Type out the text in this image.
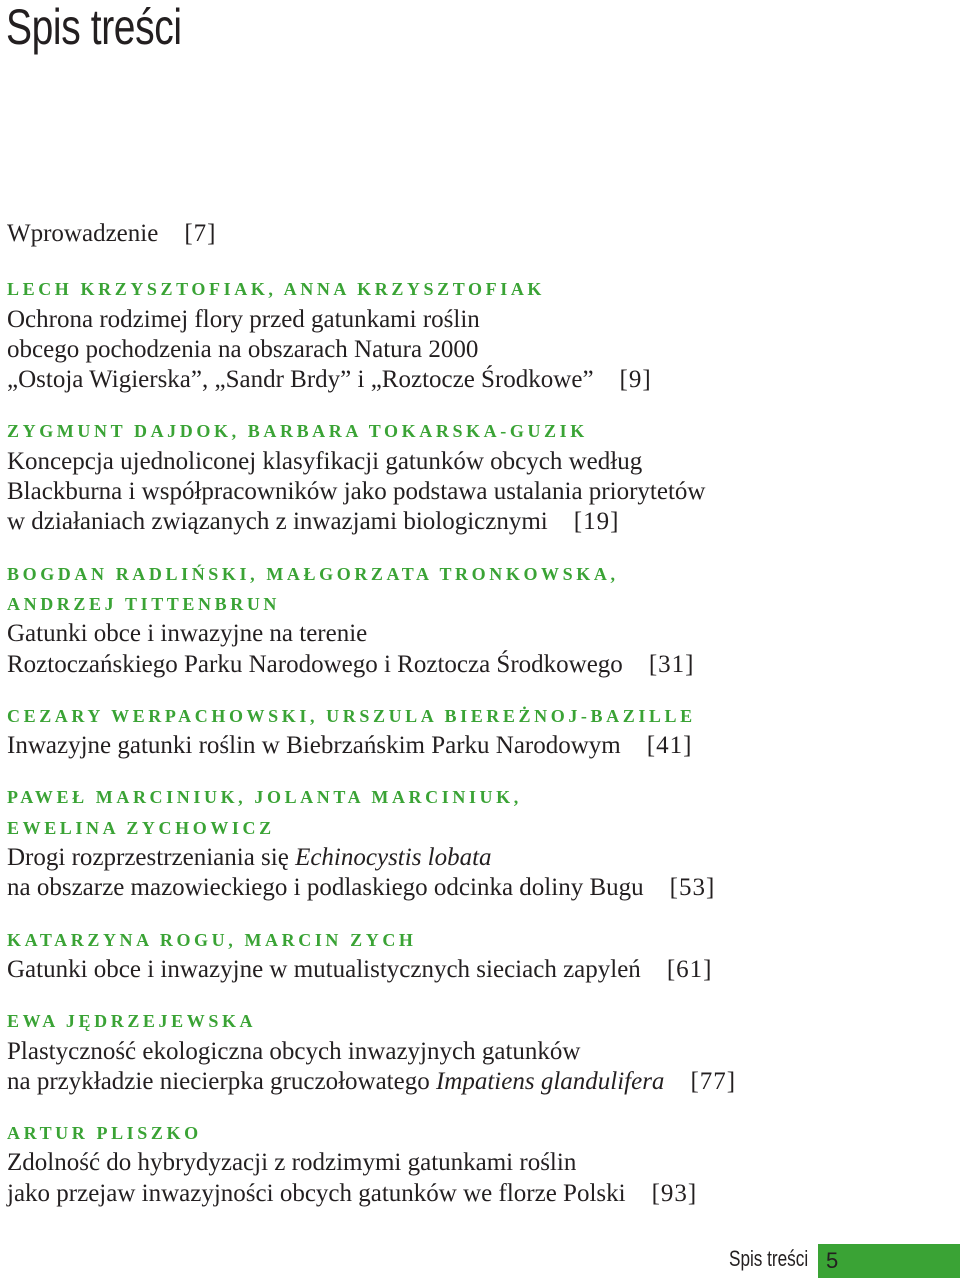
Spis treści
Wprowadzenie [7]
LECH KRZYSZTOFIAK, ANNA KRZYSZTOFIAK
Ochrona rodzimej flory przed gatunkami roślin
obcego pochodzenia na obszarach Natura 2000
„Ostoja Wigierska”, „Sandr Brdy” i „Roztocze Środkowe” [9]
ZYGMUNT DAJDOK, BARBARA TOKARSKA-GUZIK
Koncepcja ujednoliconej klasyfikacji gatunków obcych według
Blackburna i współpracowników jako podstawa ustalania priorytetów
w działaniach związanych z inwazjami biologicznymi [19]
BOGDAN RADLIŃSKI, MAŁGORZATA TRONKOWSKA,
ANDRZEJ TITTENBRUN
Gatunki obce i inwazyjne na terenie
Roztoczańskiego Parku Narodowego i Roztocza Środkowego [31]
CEZARY WERPACHOWSKI, URSZULA BIEREŻNOJ-BAZILLE
Inwazyjne gatunki roślin w Biebrzańskim Parku Narodowym [41]
PAWEŁ MARCINIUK, JOLANTA MARCINIUK,
EWELINA ZYCHOWICZ
Drogi rozprzestrzeniania się Echinocystis lobata
na obszarze mazowieckiego i podlaskiego odcinka doliny Bugu [53]
KATARZYNA ROGU, MARCIN ZYCH
Gatunki obce i inwazyjne w mutualistycznych sieciach zapyleń [61]
EWA JĘDRZEJEWSKA
Plastyczność ekologiczna obcych inwazyjnych gatunków
na przykładzie niecierpka gruczołowatego Impatiens glandulifera [77]
ARTUR PLISZKO
Zdolność do hybrydyzacji z rodzimymi gatunkami roślin
jako przejaw inwazyjności obcych gatunków we florze Polski [93]
Spis treści 5
